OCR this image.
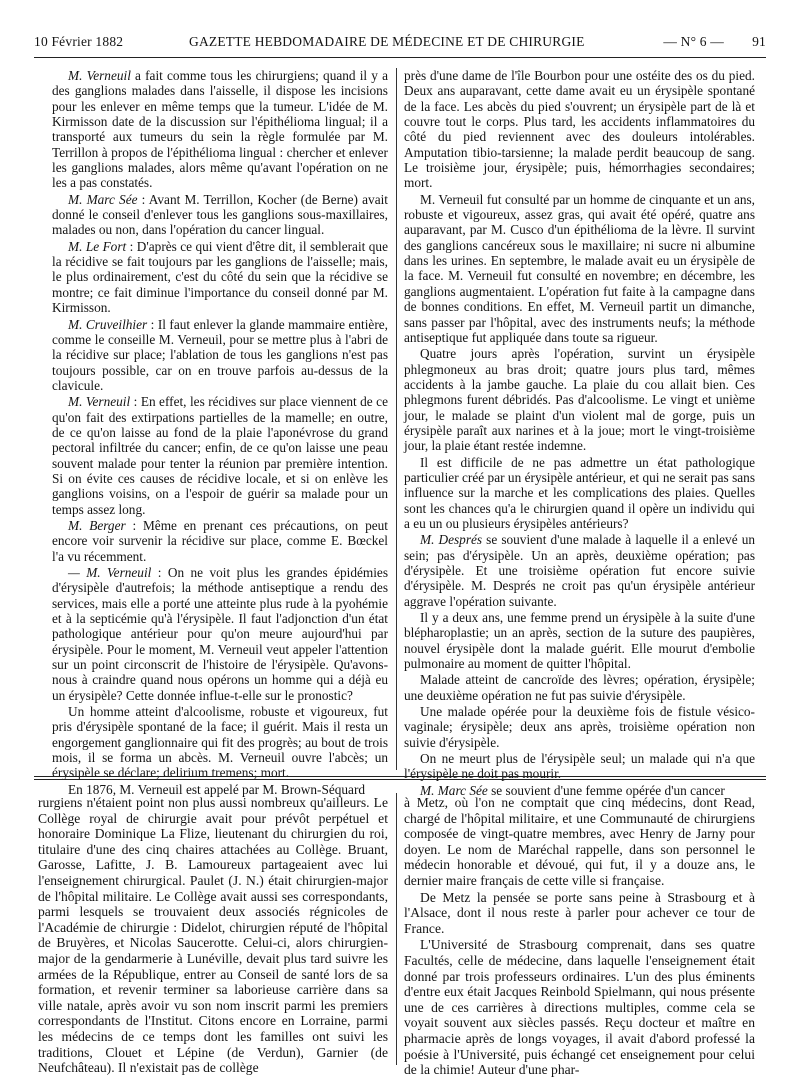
10 Février 1882	GAZETTE HEBDOMADAIRE DE MÉDECINE ET DE CHIRURGIE	— N° 6 — 91

M. Verneuil a fait comme tous les chirurgiens; quand il y a des ganglions malades dans l'aisselle, il dispose les incisions pour les enlever en même temps que la tumeur. L'idée de M. Kirmisson date de la discussion sur l'épithélioma lingual; il a transporté aux tumeurs du sein la règle formulée par M. Terrillon à propos de l'épithélioma lingual : chercher et enlever les ganglions malades, alors même qu'avant l'opération on ne les a pas constatés.

M. Marc Sée : Avant M. Terrillon, Kocher (de Berne) avait donné le conseil d'enlever tous les ganglions sous-maxillaires, malades ou non, dans l'opération du cancer lingual.

M. Le Fort : D'après ce qui vient d'être dit, il semblerait que la récidive se fait toujours par les ganglions de l'aisselle; mais, le plus ordinairement, c'est du côté du sein que la récidive se montre; ce fait diminue l'importance du conseil donné par M. Kirmisson.

M. Cruveilhier : Il faut enlever la glande mammaire entière, comme le conseille M. Verneuil, pour se mettre plus à l'abri de la récidive sur place; l'ablation de tous les ganglions n'est pas toujours possible, car on en trouve parfois au-dessus de la clavicule.

M. Verneuil : En effet, les récidives sur place viennent de ce qu'on fait des extirpations partielles de la mamelle; en outre, de ce qu'on laisse au fond de la plaie l'aponévrose du grand pectoral infiltrée du cancer; enfin, de ce qu'on laisse une peau souvent malade pour tenter la réunion par première intention. Si on évite ces causes de récidive locale, et si on enlève les ganglions voisins, on a l'espoir de guérir sa malade pour un temps assez long.

M. Berger : Même en prenant ces précautions, on peut encore voir survenir la récidive sur place, comme E. Bœckel l'a vu récemment.

— M. Verneuil : On ne voit plus les grandes épidémies d'érysipèle d'autrefois; la méthode antiseptique a rendu des services, mais elle a porté une atteinte plus rude à la pyohémie et à la septicémie qu'à l'érysipèle. Il faut l'adjonction d'un état pathologique antérieur pour qu'on meure aujourd'hui par érysipèle. Pour le moment, M. Verneuil veut appeler l'attention sur un point circonscrit de l'histoire de l'érysipèle. Qu'avons-nous à craindre quand nous opérons un homme qui a déjà eu un érysipèle? Cette donnée influe-t-elle sur le pronostic?

Un homme atteint d'alcoolisme, robuste et vigoureux, fut pris d'érysipèle spontané de la face; il guérit. Mais il resta un engorgement ganglionnaire qui fit des progrès; au bout de trois mois, il se forma un abcès. M. Verneuil ouvre l'abcès; un érysipèle se déclare; delirium tremens; mort.

En 1876, M. Verneuil est appelé par M. Brown-Séquard

près d'une dame de l'île Bourbon pour une ostéite des os du pied. Deux ans auparavant, cette dame avait eu un érysipèle spontané de la face. Les abcès du pied s'ouvrent; un érysipèle part de là et couvre tout le corps. Plus tard, les accidents inflammatoires du côté du pied reviennent avec des douleurs intolérables. Amputation tibio-tarsienne; la malade perdit beaucoup de sang. Le troisième jour, érysipèle; puis, hémorrhagies secondaires; mort.

M. Verneuil fut consulté par un homme de cinquante et un ans, robuste et vigoureux, assez gras, qui avait été opéré, quatre ans auparavant, par M. Cusco d'un épithélioma de la lèvre. Il survint des ganglions cancéreux sous le maxillaire; ni sucre ni albumine dans les urines. En septembre, le malade avait eu un érysipèle de la face. M. Verneuil fut consulté en novembre; en décembre, les ganglions augmentaient. L'opération fut faite à la campagne dans de bonnes conditions. En effet, M. Verneuil partit un dimanche, sans passer par l'hôpital, avec des instruments neufs; la méthode antiseptique fut appliquée dans toute sa rigueur.

Quatre jours après l'opération, survint un érysipèle phlegmoneux au bras droit; quatre jours plus tard, mêmes accidents à la jambe gauche. La plaie du cou allait bien. Ces phlegmons furent débridés. Pas d'alcoolisme. Le vingt et unième jour, le malade se plaint d'un violent mal de gorge, puis un érysipèle paraît aux narines et à la joue; mort le vingt-troisième jour, la plaie étant restée indemne.

Il est difficile de ne pas admettre un état pathologique particulier créé par un érysipèle antérieur, et qui ne serait pas sans influence sur la marche et les complications des plaies. Quelles sont les chances qu'a le chirurgien quand il opère un individu qui a eu un ou plusieurs érysipèles antérieurs?

M. Després se souvient d'une malade à laquelle il a enlevé un sein; pas d'érysipèle. Un an après, deuxième opération; pas d'érysipèle. Et une troisième opération fut encore suivie d'érysipèle. M. Després ne croit pas qu'un érysipèle antérieur aggrave l'opération suivante.

Il y a deux ans, une femme prend un érysipèle à la suite d'une blépharoplastie; un an après, section de la suture des paupières, nouvel érysipèle dont la malade guérit. Elle mourut d'embolie pulmonaire au moment de quitter l'hôpital.

Malade atteint de cancroïde des lèvres; opération, érysipèle; une deuxième opération ne fut pas suivie d'érysipèle.

Une malade opérée pour la deuxième fois de fistule vésico-vaginale; érysipèle; deux ans après, troisième opération non suivie d'érysipèle.

On ne meurt plus de l'érysipèle seul; un malade qui n'a que l'érysipèle ne doit pas mourir.

M. Marc Sée se souvient d'une femme opérée d'un cancer

rurgiens n'étaient point non plus aussi nombreux qu'ailleurs. Le Collège royal de chirurgie avait pour prévôt perpétuel et honoraire Dominique La Flize, lieutenant du chirurgien du roi, titulaire d'une des cinq chaires attachées au Collège. Bruant, Garosse, Lafitte, J. B. Lamoureux partageaient avec lui l'enseignement chirurgical. Paulet (J. N.) était chirurgien-major de l'hôpital militaire. Le Collège avait aussi ses correspondants, parmi lesquels se trouvaient deux associés régnicoles de l'Académie de chirurgie : Didelot, chirurgien réputé de l'hôpital de Bruyères, et Nicolas Saucerotte. Celui-ci, alors chirurgien-major de la gendarmerie à Lunéville, devait plus tard suivre les armées de la République, entrer au Conseil de santé lors de sa formation, et revenir terminer sa laborieuse carrière dans sa ville natale, après avoir vu son nom inscrit parmi les premiers correspondants de l'Institut. Citons encore en Lorraine, parmi les médecins de ce temps dont les familles ont suivi les traditions, Clouet et Lépine (de Verdun), Garnier (de Neufchâteau). Il n'existait pas de collège

à Metz, où l'on ne comptait que cinq médecins, dont Read, chargé de l'hôpital militaire, et une Communauté de chirurgiens composée de vingt-quatre membres, avec Henry de Jarny pour doyen. Le nom de Maréchal rappelle, dans son personnel le médecin honorable et dévoué, qui fut, il y a douze ans, le dernier maire français de cette ville si française.

De Metz la pensée se porte sans peine à Strasbourg et à l'Alsace, dont il nous reste à parler pour achever ce tour de France.

L'Université de Strasbourg comprenait, dans ses quatre Facultés, celle de médecine, dans laquelle l'enseignement était donné par trois professeurs ordinaires. L'un des plus éminents d'entre eux était Jacques Reinbold Spielmann, qui nous présente une de ces carrières à directions multiples, comme cela se voyait souvent aux siècles passés. Reçu docteur et maître en pharmacie après de longs voyages, il avait d'abord professé la poésie à l'Université, puis échangé cet enseignement pour celui de la chimie! Auteur d'une phar-
